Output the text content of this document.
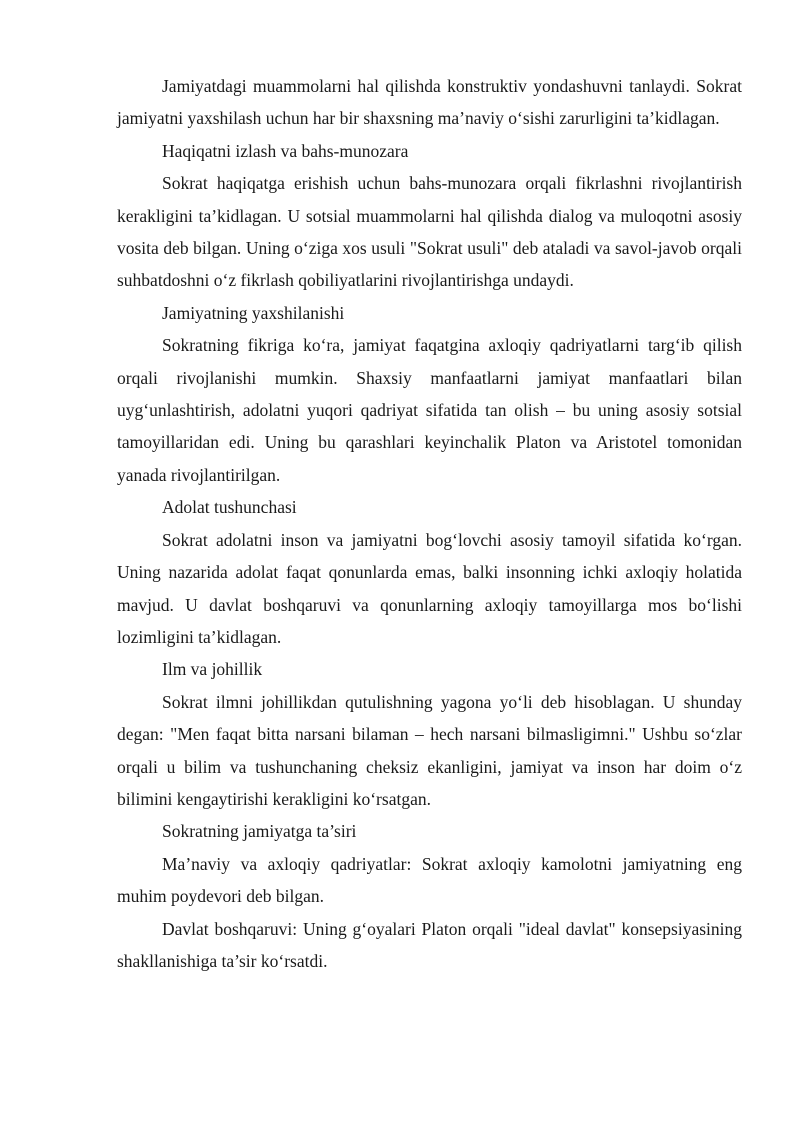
Jamiyatdagi muammolarni hal qilishda konstruktiv yondashuvni tanlaydi. Sokrat jamiyatni yaxshilash uchun har bir shaxsning ma’naviy o‘sishi zarurligini ta’kidlagan.

Haqiqatni izlash va bahs-munozara

Sokrat haqiqatga erishish uchun bahs-munozara orqali fikrlashni rivojlantirish kerakligini ta’kidlagan. U sotsial muammolarni hal qilishda dialog va muloqotni asosiy vosita deb bilgan. Uning o‘ziga xos usuli "Sokrat usuli" deb ataladi va savol-javob orqali suhbatdoshni o‘z fikrlash qobiliyatlarini rivojlantirishga undaydi.

Jamiyatning yaxshilanishi

Sokratning fikriga ko‘ra, jamiyat faqatgina axloqiy qadriyatlarni targ‘ib qilish orqali rivojlanishi mumkin. Shaxsiy manfaatlarni jamiyat manfaatlari bilan uyg‘unlashtirish, adolatni yuqori qadriyat sifatida tan olish – bu uning asosiy sotsial tamoyillaridan edi. Uning bu qarashlari keyinchalik Platon va Aristotel tomonidan yanada rivojlantirilgan.

Adolat tushunchasi

Sokrat adolatni inson va jamiyatni bog‘lovchi asosiy tamoyil sifatida ko‘rgan. Uning nazarida adolat faqat qonunlarda emas, balki insonning ichki axloqiy holatida mavjud. U davlat boshqaruvi va qonunlarning axloqiy tamoyillarga mos bo‘lishi lozimligini ta’kidlagan.

Ilm va johillik

Sokrat ilmni johillikdan qutulishning yagona yo‘li deb hisoblagan. U shunday degan: "Men faqat bitta narsani bilaman – hech narsani bilmasligimni." Ushbu so‘zlar orqali u bilim va tushunchaning cheksiz ekanligini, jamiyat va inson har doim o‘z bilimini kengaytirishi kerakligini ko‘rsatgan.

Sokratning jamiyatga ta’siri

Ma’naviy va axloqiy qadriyatlar: Sokrat axloqiy kamolotni jamiyatning eng muhim poydevori deb bilgan.

Davlat boshqaruvi: Uning g‘oyalari Platon orqali "ideal davlat" konsepsiyasining shakllanishiga ta’sir ko‘rsatdi.
